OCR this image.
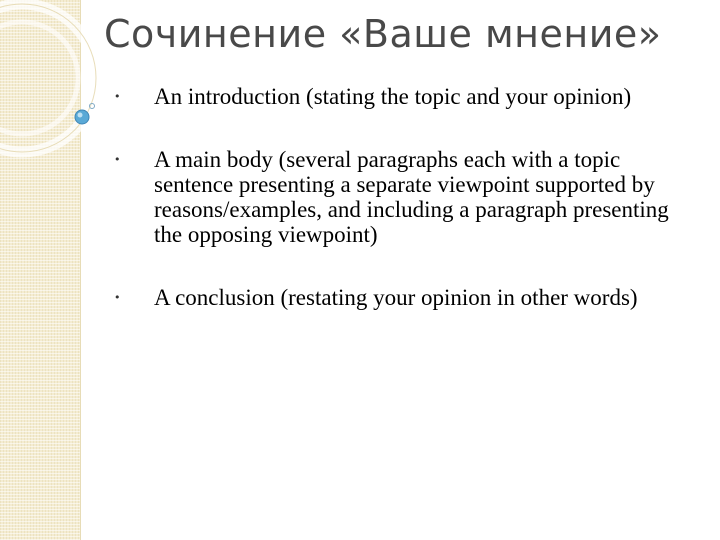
Сочинение «Ваше мнение»
• An introduction (stating the topic and your opinion)
• A main body (several paragraphs each with a topic sentence presenting a separate viewpoint supported by reasons/examples, and including a paragraph presenting the opposing viewpoint)
• A conclusion (restating your opinion in other words)
